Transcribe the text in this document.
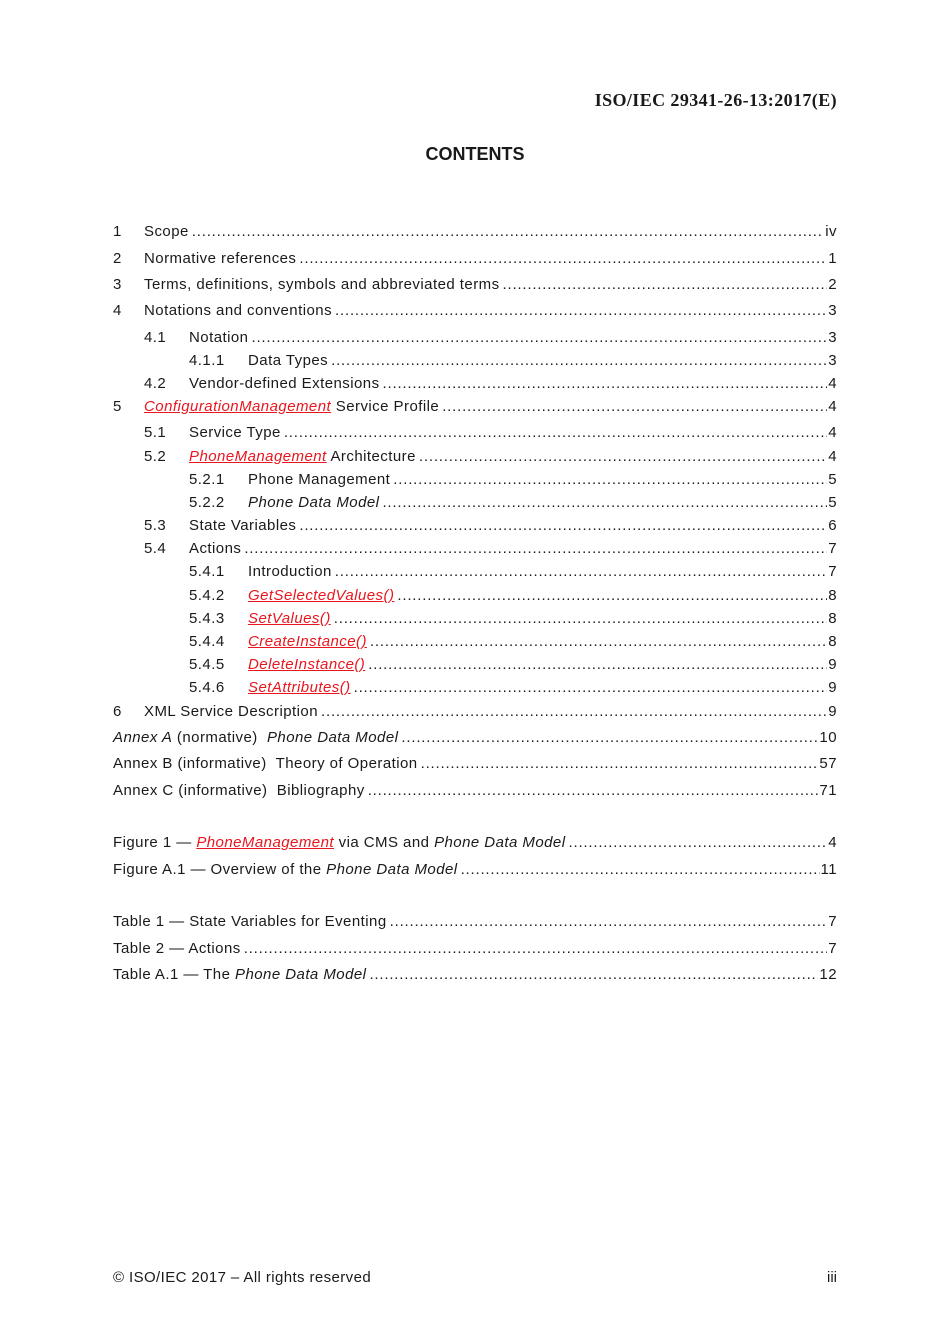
ISO/IEC 29341-26-13:2017(E)
CONTENTS
1	Scope .....	iv
2	Normative references .....	1
3	Terms, definitions, symbols and abbreviated terms .....	2
4	Notations and conventions .....	3
4.1	Notation .....	3
4.1.1	Data Types .....	3
4.2	Vendor-defined Extensions .....	4
5	ConfigurationManagement Service Profile .....	4
5.1	Service Type .....	4
5.2	PhoneManagement Architecture .....	4
5.2.1	Phone Management .....	5
5.2.2	Phone Data Model .....	5
5.3	State Variables .....	6
5.4	Actions .....	7
5.4.1	Introduction .....	7
5.4.2	GetSelectedValues() .....	8
5.4.3	SetValues() .....	8
5.4.4	CreateInstance() .....	8
5.4.5	DeleteInstance() .....	9
5.4.6	SetAttributes() .....	9
6	XML Service Description .....	9
Annex A (normative)  Phone Data Model .....	10
Annex B (informative)  Theory of Operation .....	57
Annex C (informative)  Bibliography .....	71
Figure 1 — PhoneManagement via CMS and Phone Data Model .....	4
Figure A.1 — Overview of the Phone Data Model .....	11
Table 1 — State Variables for Eventing .....	7
Table 2 — Actions .....	7
Table A.1 — The Phone Data Model .....	12
© ISO/IEC 2017 – All rights reserved	iii
